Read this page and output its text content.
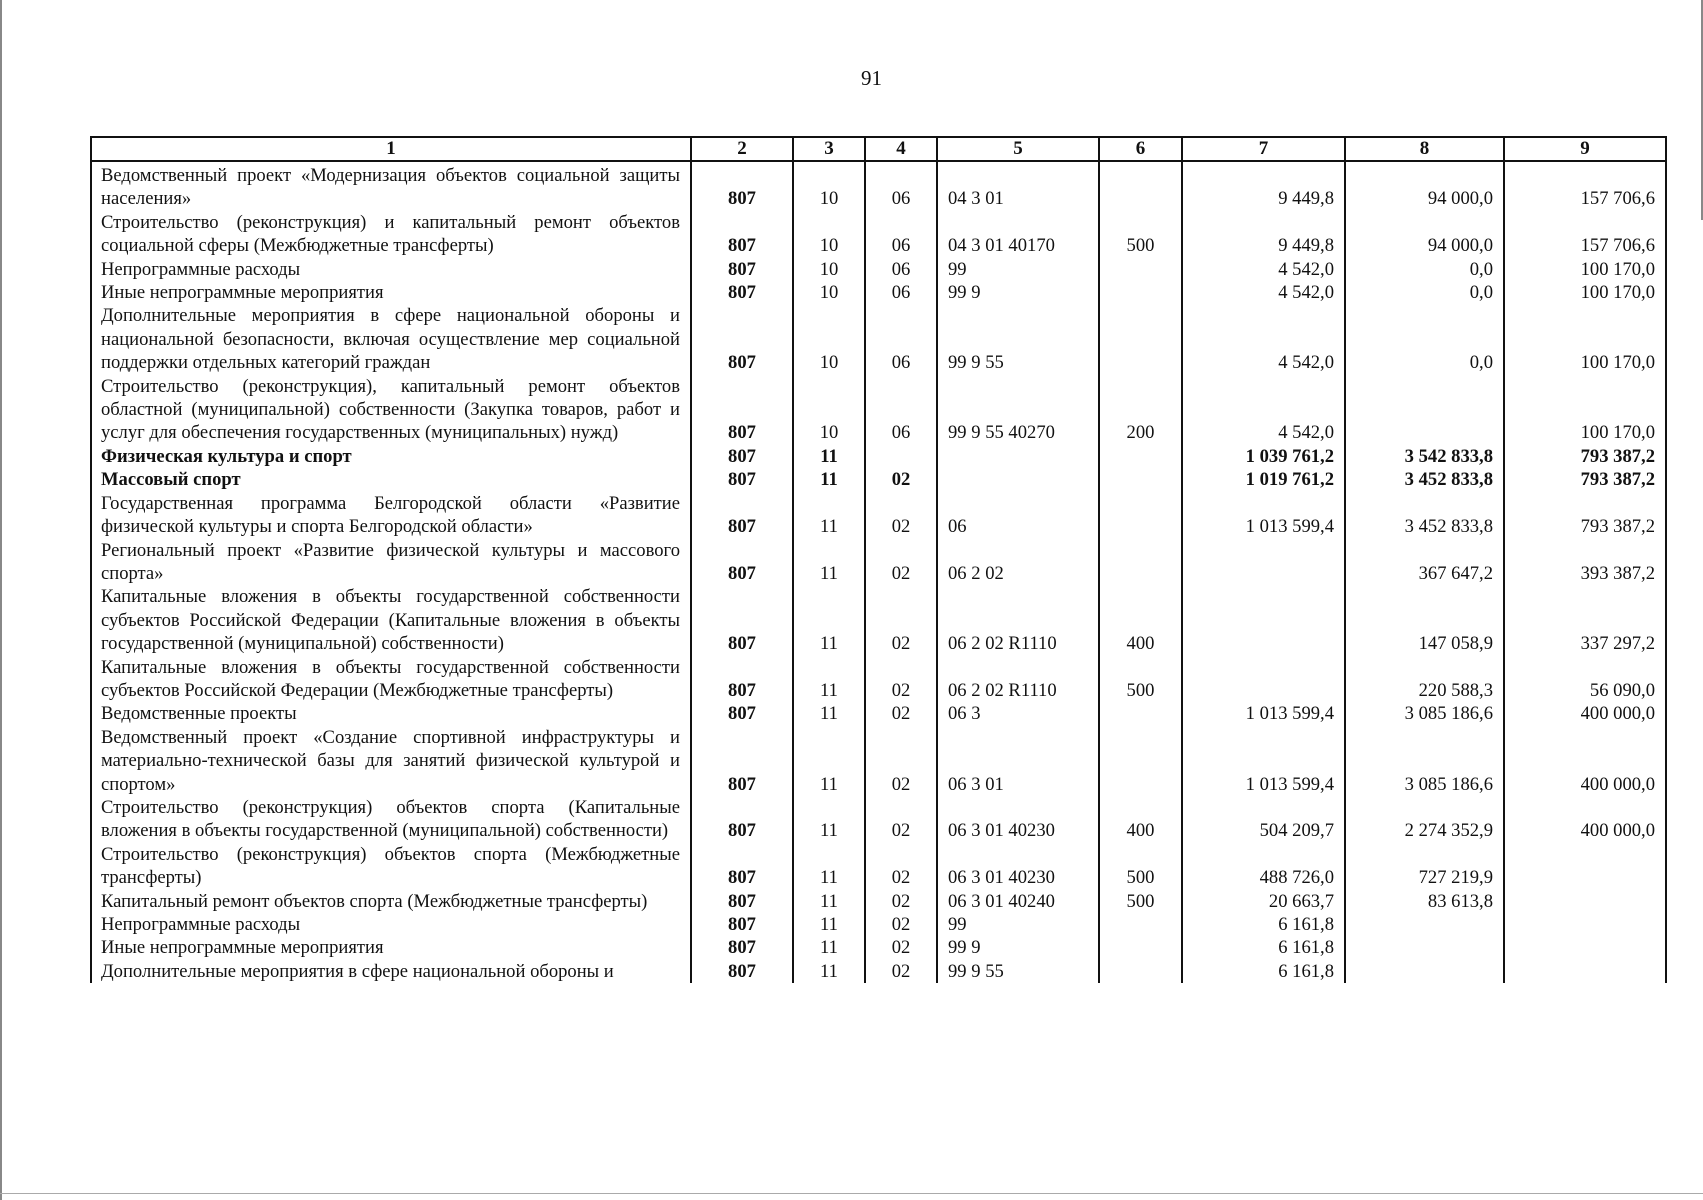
91
1	2	3	4	5	6	7	8	9
Ведомственный проект «Модернизация объектов социальной защиты населения»	807	10	06	04 3 01		9 449,8	94 000,0	157 706,6
Строительство (реконструкция) и капитальный ремонт объектов социальной сферы (Межбюджетные трансферты)	807	10	06	04 3 01 40170	500	9 449,8	94 000,0	157 706,6
Непрограммные расходы	807	10	06	99		4 542,0	0,0	100 170,0
Иные непрограммные мероприятия	807	10	06	99 9		4 542,0	0,0	100 170,0
Дополнительные мероприятия в сфере национальной обороны и национальной безопасности, включая осуществление мер социальной поддержки отдельных категорий граждан	807	10	06	99 9 55		4 542,0	0,0	100 170,0
Строительство (реконструкция), капитальный ремонт объектов областной (муниципальной) собственности (Закупка товаров, работ и услуг для обеспечения государственных (муниципальных) нужд)	807	10	06	99 9 55 40270	200	4 542,0		100 170,0
Физическая культура и спорт	807	11				1 039 761,2	3 542 833,8	793 387,2
Массовый спорт	807	11	02			1 019 761,2	3 452 833,8	793 387,2
Государственная программа Белгородской области «Развитие физической культуры и спорта Белгородской области»	807	11	02	06		1 013 599,4	3 452 833,8	793 387,2
Региональный проект «Развитие физической культуры и массового спорта»	807	11	02	06 2 02			367 647,2	393 387,2
Капитальные вложения в объекты государственной собственности субъектов Российской Федерации (Капитальные вложения в объекты государственной (муниципальной) собственности)	807	11	02	06 2 02 R1110	400		147 058,9	337 297,2
Капитальные вложения в объекты государственной собственности субъектов Российской Федерации (Межбюджетные трансферты)	807	11	02	06 2 02 R1110	500		220 588,3	56 090,0
Ведомственные проекты	807	11	02	06 3		1 013 599,4	3 085 186,6	400 000,0
Ведомственный проект «Создание спортивной инфраструктуры и материально-технической базы для занятий физической культурой и спортом»	807	11	02	06 3 01		1 013 599,4	3 085 186,6	400 000,0
Строительство (реконструкция) объектов спорта (Капитальные вложения в объекты государственной (муниципальной) собственности)	807	11	02	06 3 01 40230	400	504 209,7	2 274 352,9	400 000,0
Строительство (реконструкция) объектов спорта (Межбюджетные трансферты)	807	11	02	06 3 01 40230	500	488 726,0	727 219,9	
Капитальный ремонт объектов спорта (Межбюджетные трансферты)	807	11	02	06 3 01 40240	500	20 663,7	83 613,8	
Непрограммные расходы	807	11	02	99		6 161,8		
Иные непрограммные мероприятия	807	11	02	99 9		6 161,8		
Дополнительные мероприятия в сфере национальной обороны и	807	11	02	99 9 55		6 161,8		
